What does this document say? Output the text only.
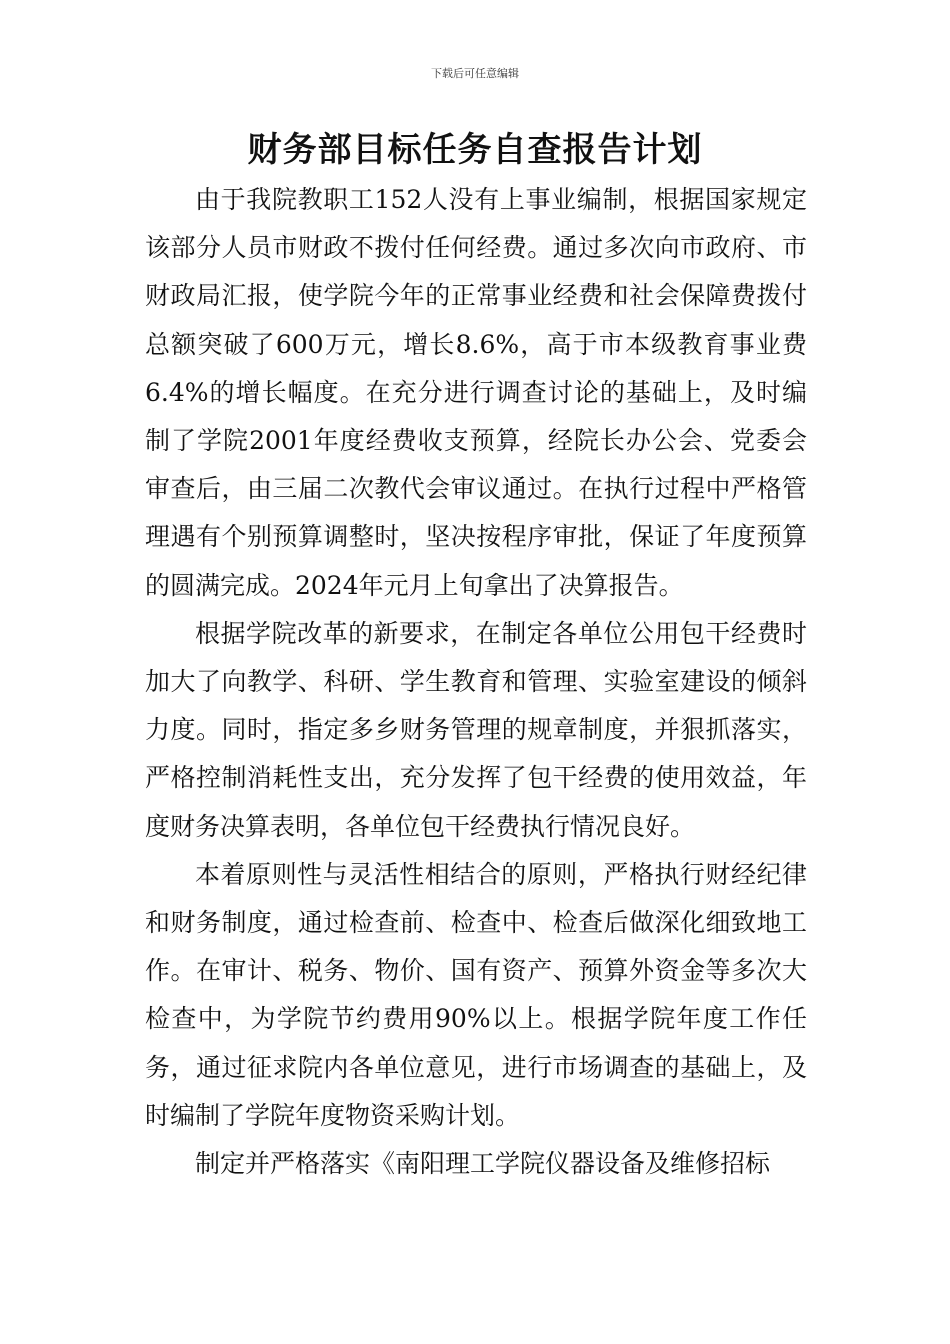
下载后可任意编辑
财务部目标任务自查报告计划

由于我院教职工152人没有上事业编制，根据国家规定该部分人员市财政不拨付任何经费。通过多次向市政府、市财政局汇报，使学院今年的正常事业经费和社会保障费拨付总额突破了600万元，增长8.6%，高于市本级教育事业费6.4%的增长幅度。在充分进行调查讨论的基础上，及时编制了学院2001年度经费收支预算，经院长办公会、党委会审查后，由三届二次教代会审议通过。在执行过程中严格管理遇有个别预算调整时，坚决按程序审批，保证了年度预算的圆满完成。2024年元月上旬拿出了决算报告。

根据学院改革的新要求，在制定各单位公用包干经费时加大了向教学、科研、学生教育和管理、实验室建设的倾斜力度。同时，指定多乡财务管理的规章制度，并狠抓落实，严格控制消耗性支出，充分发挥了包干经费的使用效益，年度财务决算表明，各单位包干经费执行情况良好。

本着原则性与灵活性相结合的原则，严格执行财经纪律和财务制度，通过检查前、检查中、检查后做深化细致地工作。在审计、税务、物价、国有资产、预算外资金等多次大检查中，为学院节约费用90%以上。根据学院年度工作任务，通过征求院内各单位意见，进行市场调查的基础上，及时编制了学院年度物资采购计划。

制定并严格落实《南阳理工学院仪器设备及维修招标
